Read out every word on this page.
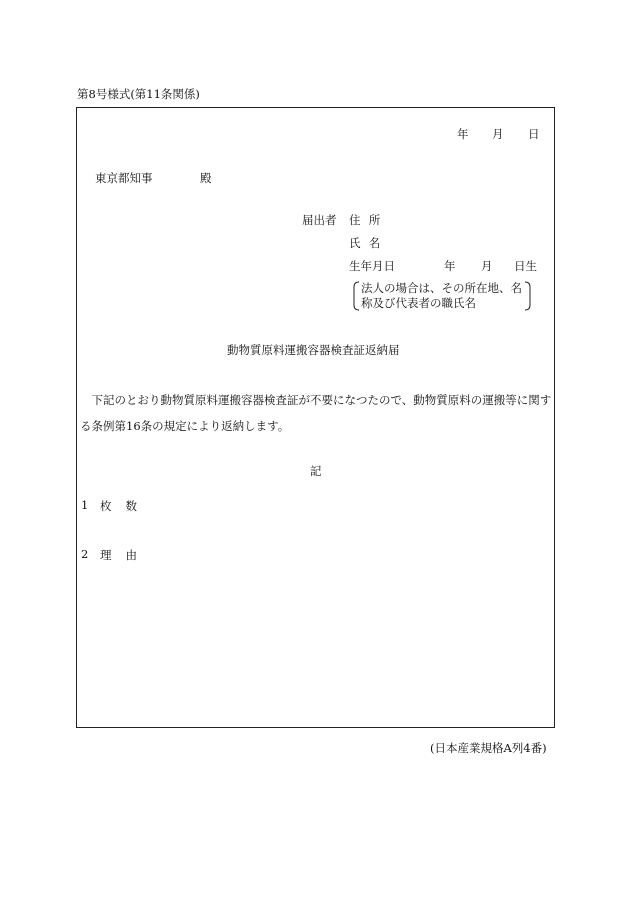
第8号様式(第11条関係)
年 月 日
東京都知事	殿
届出者 住 所
氏 名
生年月日	年 月 日生
法人の場合は、その所在地、名
称及び代表者の職氏名
動物質原料運搬容器検査証返納届
下記のとおり動物質原料運搬容器検査証が不要になつたので、動物質原料の運搬等に関する条例第16条の規定により返納します。
記
1 枚 数
2 理 由
(日本産業規格A列4番)
